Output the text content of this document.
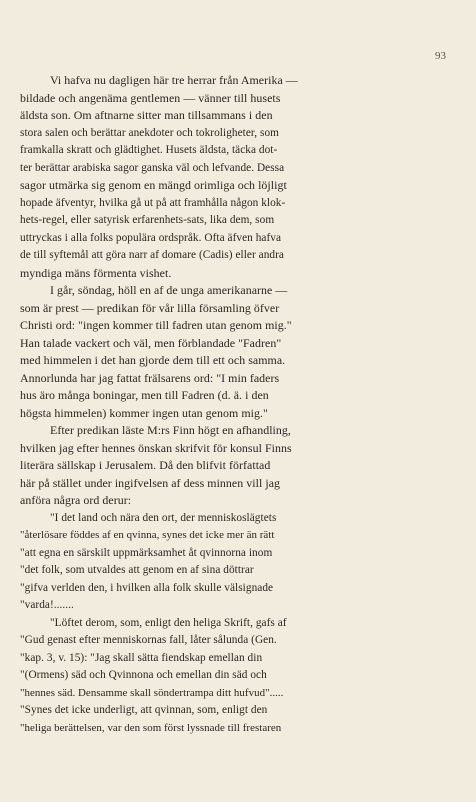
93
Vi hafva nu dagligen här tre herrar från Amerika —
bildade och angenäma gentlemen — vänner till husets
äldsta son. Om aftnarne sitter man tillsammans i den
stora salen och berättar anekdoter och tokroligheter, som
framkalla skratt och glädtighet. Husets äldsta, täcka dot-
ter berättar arabiska sagor ganska väl och lefvande. Dessa
sagor utmärka sig genom en mängd orimliga och löjligt
hopade äfventyr, hvilka gå ut på att framhålla någon klok-
hets-regel, eller satyrisk erfarenhets-sats, lika dem, som
uttryckas i alla folks populära ordspråk. Ofta äfven hafva
de till syftemål att göra narr af domare (Cadis) eller andra
myndiga mäns förmenta vishet.
I går, söndag, höll en af de unga amerikanarne —
som är prest — predikan för vår lilla församling öfver
Christi ord: "ingen kommer till fadren utan genom mig."
Han talade vackert och väl, men förblandade "Fadren"
med himmelen i det han gjorde dem till ett och samma.
Annorlunda har jag fattat frälsarens ord: "I min faders
hus äro många boningar, men till Fadren (d. ä. i den
högsta himmelen) kommer ingen utan genom mig."
Efter predikan läste M:rs Finn högt en afhandling,
hvilken jag efter hennes önskan skrifvit för konsul Finns
literära sällskap i Jerusalem. Då den blifvit författad
här på stället under ingifvelsen af dess minnen vill jag
anföra några ord derur:
"I det land och nära den ort, der menniskoslägtets
"återlösare föddes af en qvinna, synes det icke mer än rätt
"att egna en särskilt uppmärksamhet åt qvinnorna inom
"det folk, som utvaldes att genom en af sina döttrar
"gifva verlden den, i hvilken alla folk skulle välsignade
"varda!.......
"Löftet derom, som, enligt den heliga Skrift, gafs af
"Gud genast efter menniskornas fall, låter sålunda (Gen.
"kap. 3, v. 15): "Jag skall sätta fiendskap emellan din
"(Ormens) säd och Qvinnona och emellan din säd och
"hennes säd. Densamme skall söndertrampa ditt hufvud".....
"Synes det icke underligt, att qvinnan, som, enligt den
"heliga berättelsen, var den som först lyssnade till frestaren
